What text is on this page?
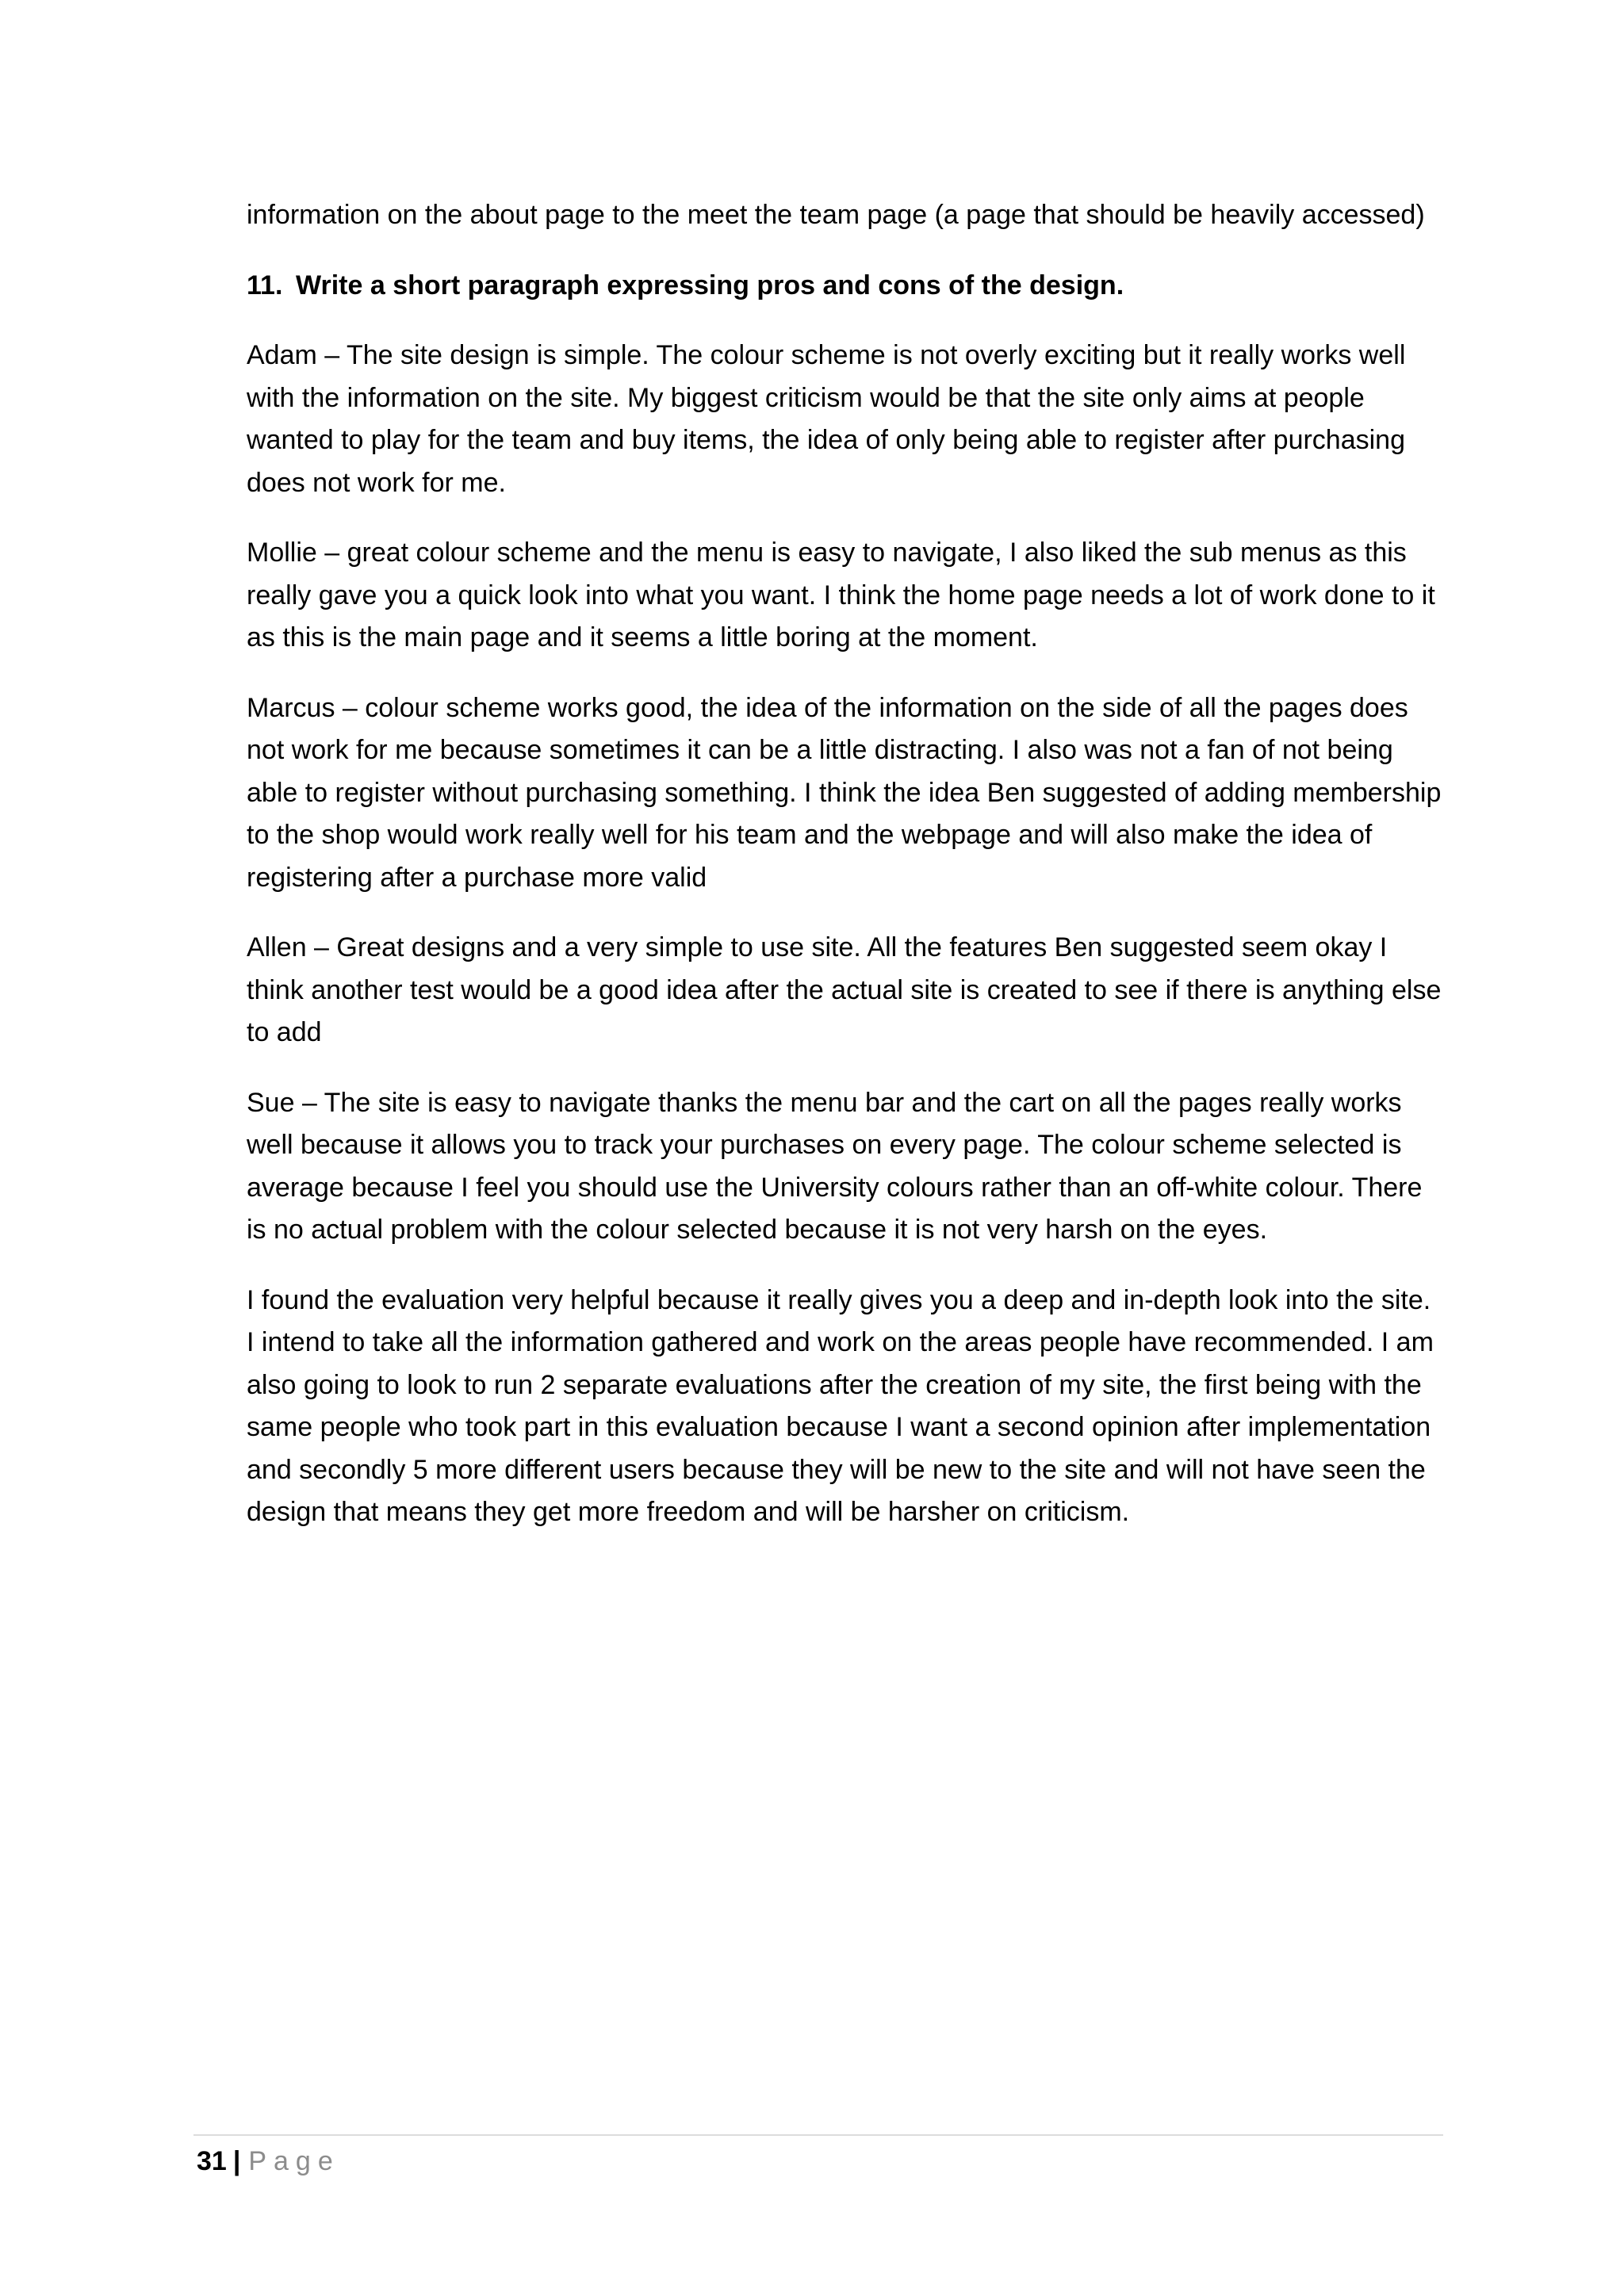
information on the about page to the meet the team page (a page that should be heavily accessed)

11. Write a short paragraph expressing pros and cons of the design.

Adam – The site design is simple. The colour scheme is not overly exciting but it really works well with the information on the site. My biggest criticism would be that the site only aims at people wanted to play for the team and buy items, the idea of only being able to register after purchasing does not work for me.

Mollie – great colour scheme and the menu is easy to navigate, I also liked the sub menus as this really gave you a quick look into what you want. I think the home page needs a lot of work done to it as this is the main page and it seems a little boring at the moment.

Marcus – colour scheme works good, the idea of the information on the side of all the pages does not work for me because sometimes it can be a little distracting. I also was not a fan of not being able to register without purchasing something. I think the idea Ben suggested of adding membership to the shop would work really well for his team and the webpage and will also make the idea of registering after a purchase more valid

Allen – Great designs and a very simple to use site. All the features Ben suggested seem okay I think another test would be a good idea after the actual site is created to see if there is anything else to add

Sue – The site is easy to navigate thanks the menu bar and the cart on all the pages really works well because it allows you to track your purchases on every page. The colour scheme selected is average because I feel you should use the University colours rather than an off-white colour. There is no actual problem with the colour selected because it is not very harsh on the eyes.

I found the evaluation very helpful because it really gives you a deep and in-depth look into the site. I intend to take all the information gathered and work on the areas people have recommended. I am also going to look to run 2 separate evaluations after the creation of my site, the first being with the same people who took part in this evaluation because I want a second opinion after implementation and secondly 5 more different users because they will be new to the site and will not have seen the design that means they get more freedom and will be harsher on criticism.

31 | Page
